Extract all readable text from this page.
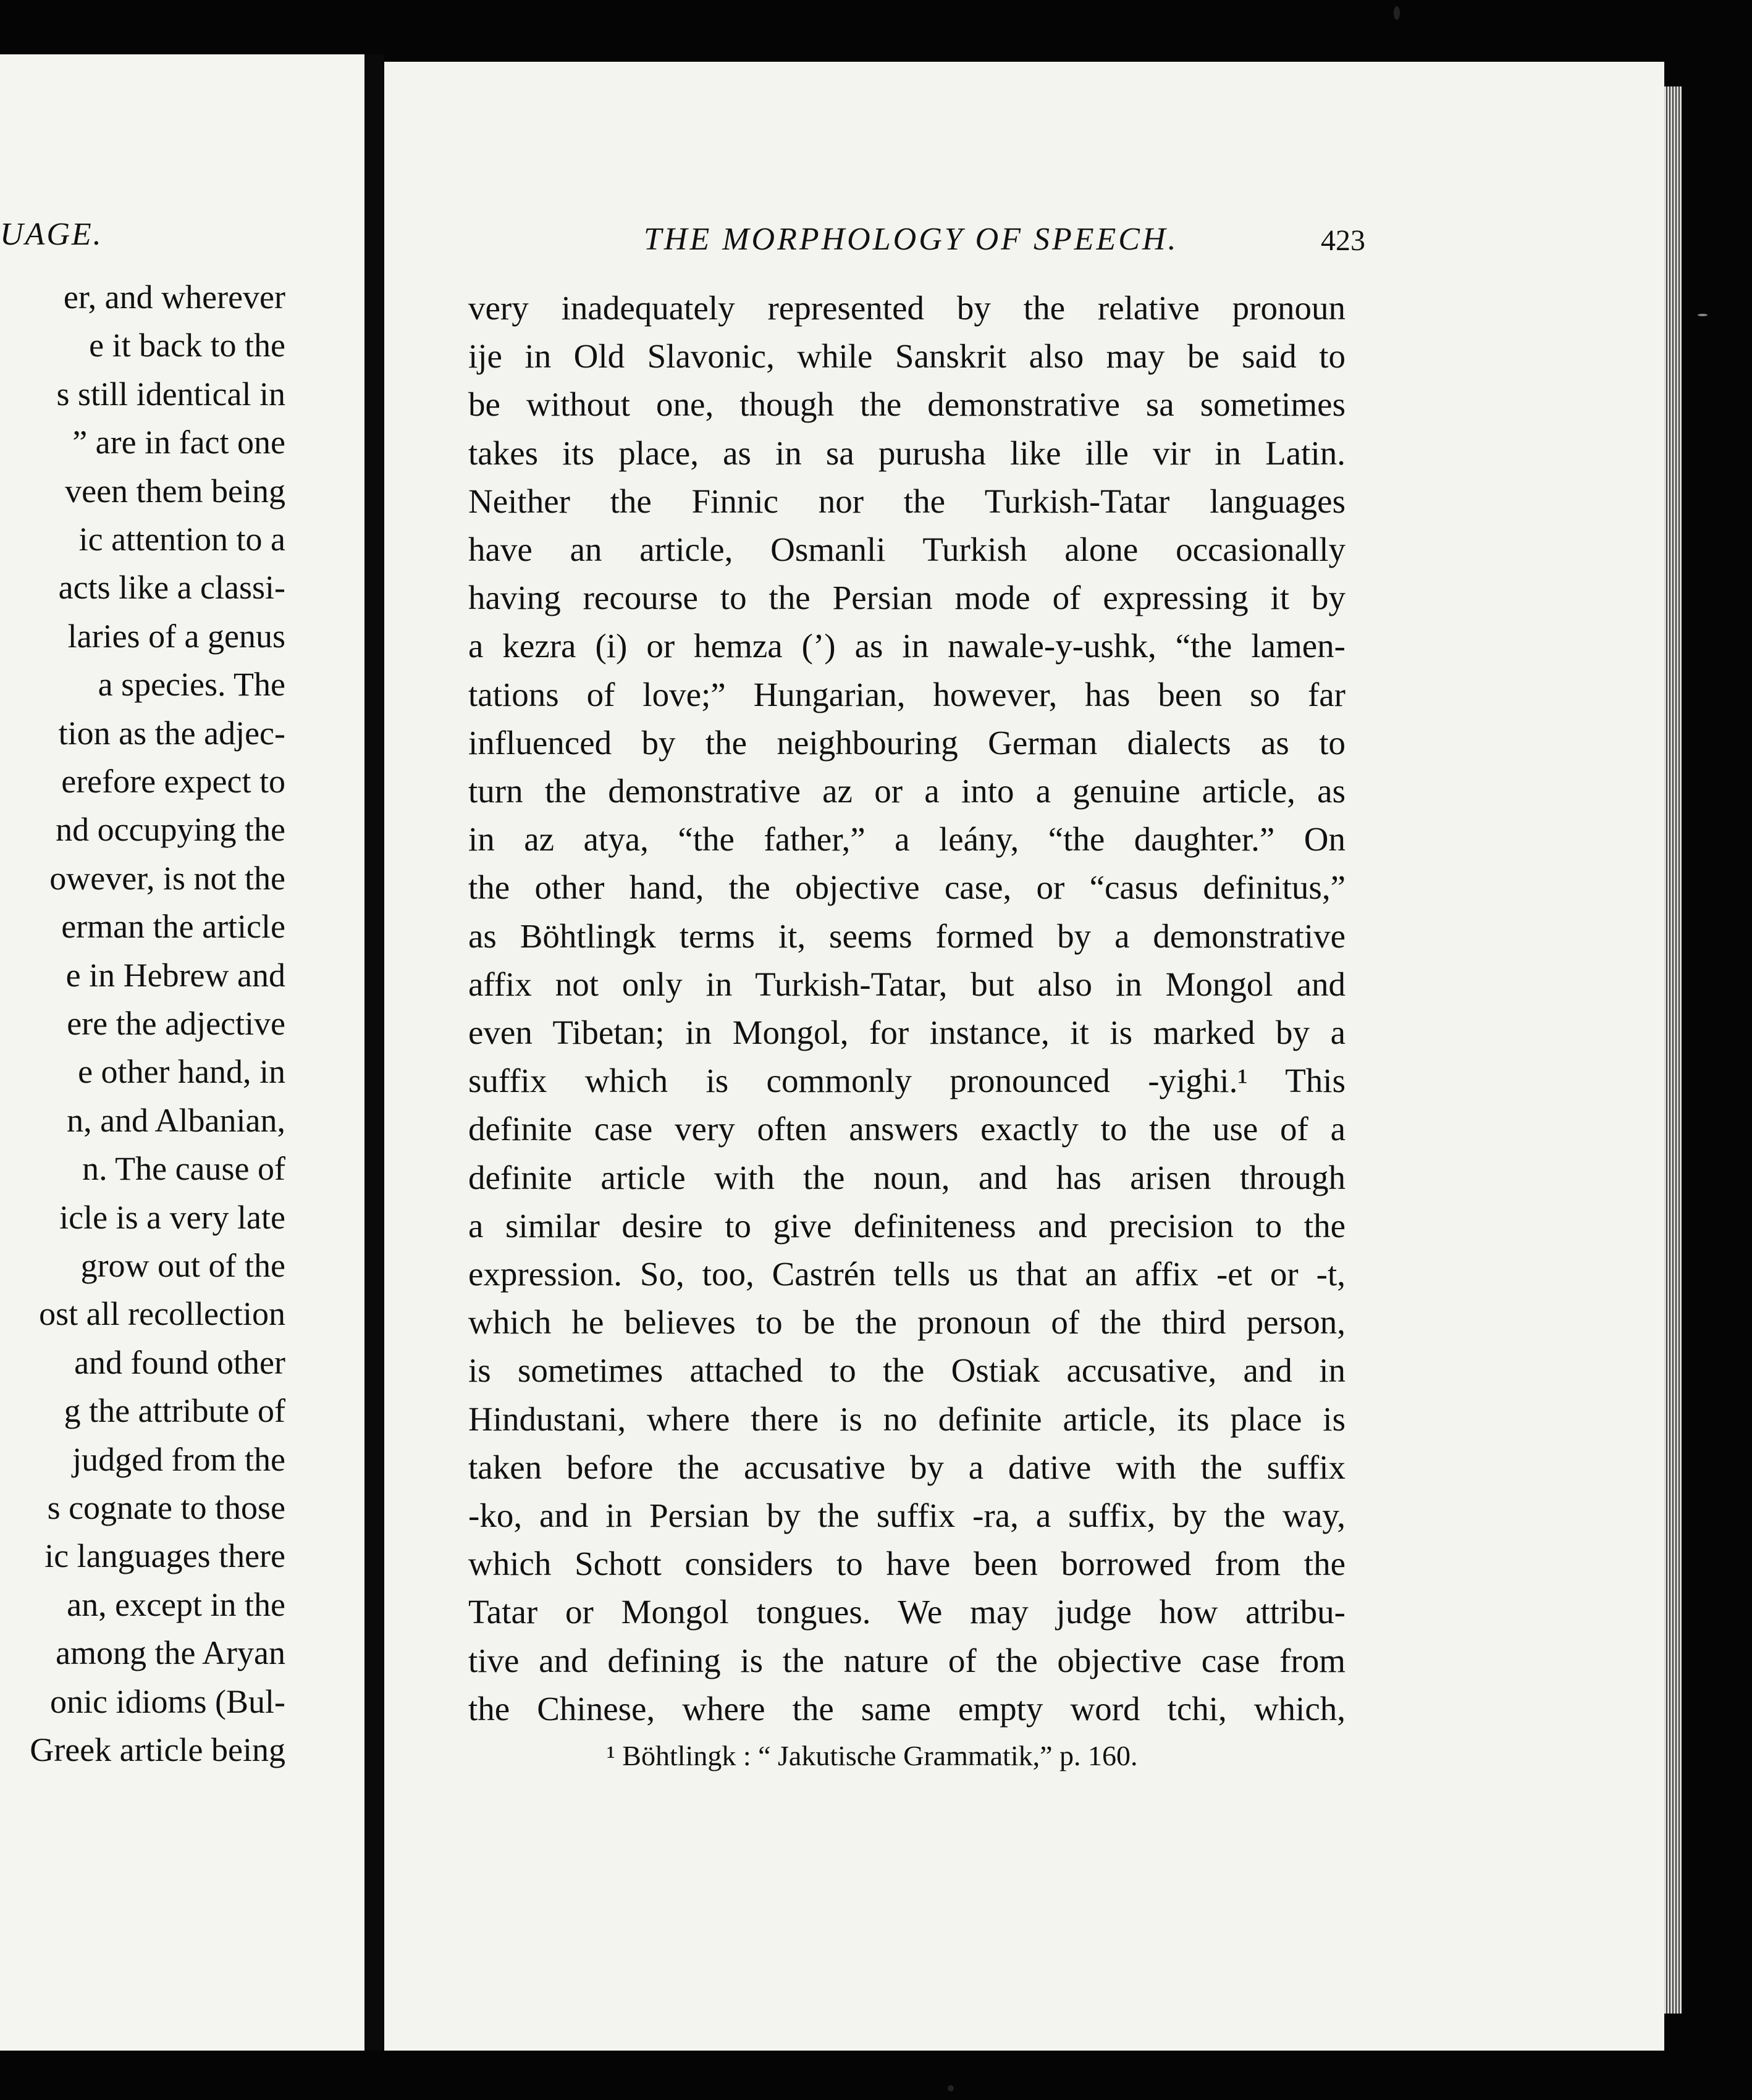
UAGE.
er, and wherever
e it back to the
s still identical in
” are in fact one
veen them being
ic attention to a
acts like a classi-
laries of a genus
a species. The
tion as the adjec-
erefore expect to
nd occupying the
owever, is not the
erman the article
e in Hebrew and
ere the adjective
e other hand, in
n, and Albanian,
n. The cause of
icle is a very late
grow out of the
ost all recollection
and found other
g the attribute of
judged from the
s cognate to those
ic languages there
an, except in the
among the Aryan
onic idioms (Bul-
Greek article being
THE MORPHOLOGY OF SPEECH.	423
very inadequately represented by the relative pronoun
ije in Old Slavonic, while Sanskrit also may be said to
be without one, though the demonstrative sa sometimes
takes its place, as in sa purusha like ille vir in Latin.
Neither the Finnic nor the Turkish-Tatar languages
have an article, Osmanli Turkish alone occasionally
having recourse to the Persian mode of expressing it by
a kezra (i) or hemza (’) as in nawale-y-ushk, “the lamen-
tations of love;” Hungarian, however, has been so far
influenced by the neighbouring German dialects as to
turn the demonstrative az or a into a genuine article, as
in az atya, “the father,” a leány, “the daughter.” On
the other hand, the objective case, or “casus definitus,”
as Böhtlingk terms it, seems formed by a demonstrative
affix not only in Turkish-Tatar, but also in Mongol and
even Tibetan; in Mongol, for instance, it is marked by a
suffix which is commonly pronounced -yighi.¹ This
definite case very often answers exactly to the use of a
definite article with the noun, and has arisen through
a similar desire to give definiteness and precision to the
expression. So, too, Castrén tells us that an affix -et or -t,
which he believes to be the pronoun of the third person,
is sometimes attached to the Ostiak accusative, and in
Hindustani, where there is no definite article, its place is
taken before the accusative by a dative with the suffix
-ko, and in Persian by the suffix -ra, a suffix, by the way,
which Schott considers to have been borrowed from the
Tatar or Mongol tongues. We may judge how attribu-
tive and defining is the nature of the objective case from
the Chinese, where the same empty word tchi, which,
¹ Böhtlingk : “ Jakutische Grammatik,” p. 160.
